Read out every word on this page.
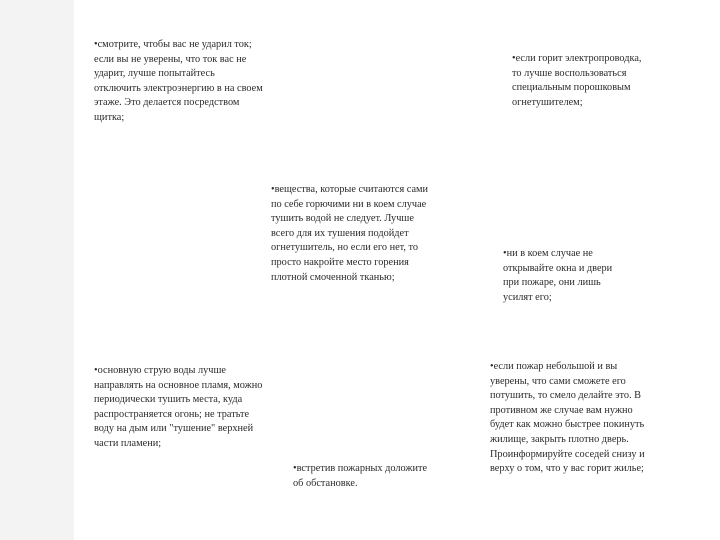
•смотрите, чтобы вас не ударил ток; если вы не уверены, что ток вас не ударит, лучше попытайтесь отключить электроэнергию в на своем этаже. Это делается посредством щитка;

•если горит электропроводка, то лучше воспользоваться специальным порошковым огнетушителем;

•вещества, которые считаются сами по себе горючими ни в коем случае тушить водой не следует. Лучше всего для их тушения подойдет огнетушитель, но если его нет, то просто накройте место горения плотной смоченной тканью;

•ни в коем случае не открывайте окна и двери при пожаре, они лишь усилят его;

•основную струю воды лучше направлять на основное пламя, можно периодически тушить места, куда распространяется огонь; не тратьте воду на дым или "тушение" верхней части пламени;

•встретив пожарных доложите об обстановке.

•если пожар небольшой и вы уверены, что сами сможете его потушить, то смело делайте это. В противном же случае вам нужно будет как можно быстрее покинуть жилище, закрыть плотно дверь. Проинформируйте соседей снизу и верху о том, что у вас горит жилье;
